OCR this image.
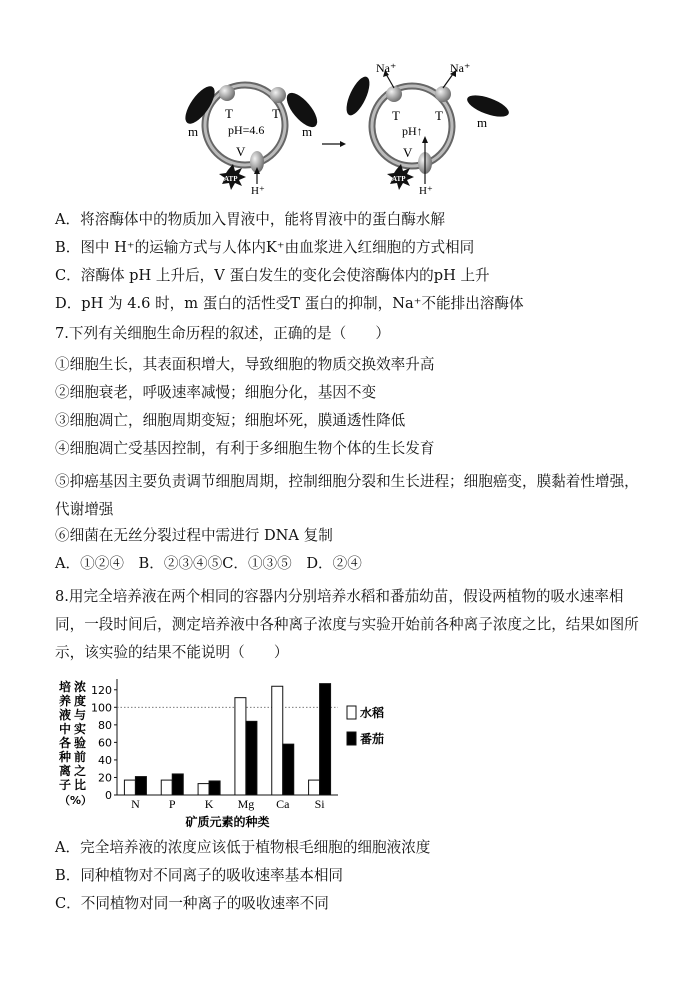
T	T
m	m
pH=4.6
V
ATP
H⁺
Na⁺	Na⁺
T	T	m
pH↑
V
ATP
H⁺
A．将溶酶体中的物质加入胃液中，能将胃液中的蛋白酶水解
B．图中 H⁺的运输方式与人体内K⁺由血浆进入红细胞的方式相同
C．溶酶体 pH 上升后，V 蛋白发生的变化会使溶酶体内的pH 上升
D．pH 为 4.6 时，m 蛋白的活性受T 蛋白的抑制，Na⁺不能排出溶酶体
7.下列有关细胞生命历程的叙述，正确的是（　　）
①细胞生长，其表面积增大，导致细胞的物质交换效率升高
②细胞衰老，呼吸速率减慢；细胞分化，基因不变
③细胞凋亡，细胞周期变短；细胞坏死，膜通透性降低
④细胞凋亡受基因控制，有利于多细胞生物个体的生长发育
⑤抑癌基因主要负责调节细胞周期，控制细胞分裂和生长进程；细胞癌变，膜黏着性增强，代谢增强
⑥细菌在无丝分裂过程中需进行 DNA 复制
A．①②④　B．②③④⑤C．①③⑤　D．②④
8.用完全培养液在两个相同的容器内分别培养水稻和番茄幼苗，假设两植物的吸水速率相同，一段时间后，测定培养液中各种离子浓度与实验开始前各种离子浓度之比，结果如图所示，该实验的结果不能说明（　　）
培 浓
养 度
液 与
中 实
各 验
种 前
离 之
子 比
（%） 0
20
40
60
80
100
120
N P K Mg Ca Si
矿质元素的种类
水稻
番茄
A．完全培养液的浓度应该低于植物根毛细胞的细胞液浓度
B．同种植物对不同离子的吸收速率基本相同
C．不同植物对同一种离子的吸收速率不同
